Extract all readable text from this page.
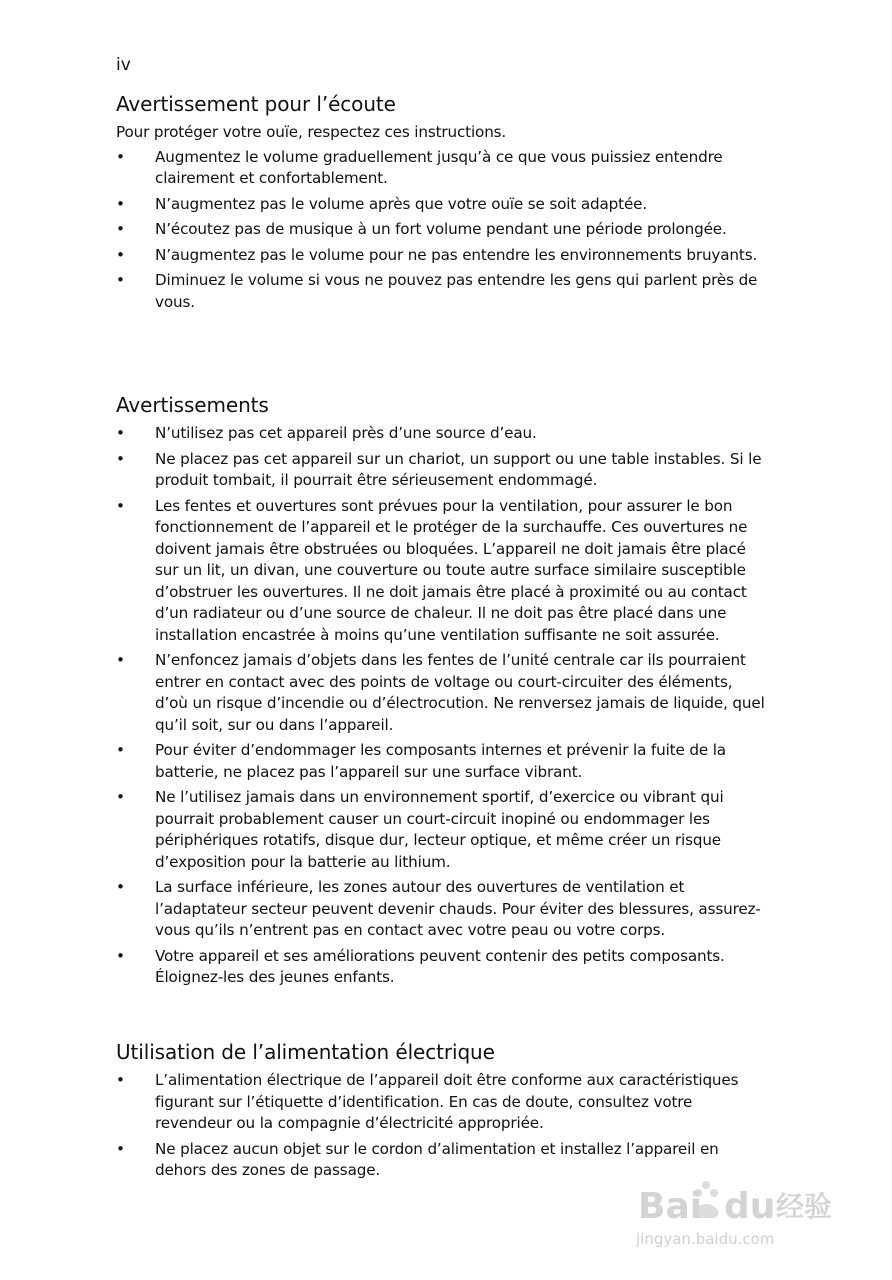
iv
Avertissement pour l’écoute

Pour protéger votre ouïe, respectez ces instructions.

• Augmentez le volume graduellement jusqu’à ce que vous puissiez entendre clairement et confortablement.
• N’augmentez pas le volume après que votre ouïe se soit adaptée.
• N’écoutez pas de musique à un fort volume pendant une période prolongée.
• N’augmentez pas le volume pour ne pas entendre les environnements bruyants.
• Diminuez le volume si vous ne pouvez pas entendre les gens qui parlent près de vous.
Avertissements
• N’utilisez pas cet appareil près d’une source d’eau.
• Ne placez pas cet appareil sur un chariot, un support ou une table instables. Si le produit tombait, il pourrait être sérieusement endommagé.
• Les fentes et ouvertures sont prévues pour la ventilation, pour assurer le bon fonctionnement de l’appareil et le protéger de la surchauffe. Ces ouvertures ne doivent jamais être obstruées ou bloquées. L’appareil ne doit jamais être placé sur un lit, un divan, une couverture ou toute autre surface similaire susceptible d’obstruer les ouvertures. Il ne doit jamais être placé à proximité ou au contact d’un radiateur ou d’une source de chaleur. Il ne doit pas être placé dans une installation encastrée à moins qu’une ventilation suffisante ne soit assurée.
• N’enfoncez jamais d’objets dans les fentes de l’unité centrale car ils pourraient entrer en contact avec des points de voltage ou court-circuiter des éléments, d’où un risque d’incendie ou d’électrocution. Ne renversez jamais de liquide, quel qu’il soit, sur ou dans l’appareil.
• Pour éviter d’endommager les composants internes et prévenir la fuite de la batterie, ne placez pas l’appareil sur une surface vibrant.
• Ne l’utilisez jamais dans un environnement sportif, d’exercice ou vibrant qui pourrait probablement causer un court-circuit inopiné ou endommager les périphériques rotatifs, disque dur, lecteur optique, et même créer un risque d’exposition pour la batterie au lithium.
• La surface inférieure, les zones autour des ouvertures de ventilation et l’adaptateur secteur peuvent devenir chauds. Pour éviter des blessures, assurez-vous qu’ils n’entrent pas en contact avec votre peau ou votre corps.
• Votre appareil et ses améliorations peuvent contenir des petits composants. Éloignez-les des jeunes enfants.
Utilisation de l’alimentation électrique
• L’alimentation électrique de l’appareil doit être conforme aux caractéristiques figurant sur l’étiquette d’identification. En cas de doute, consultez votre revendeur ou la compagnie d’électricité appropriée.
• Ne placez aucun objet sur le cordon d’alimentation et installez l’appareil en dehors des zones de passage.
Bai du 经验
jingyan.baidu.com
